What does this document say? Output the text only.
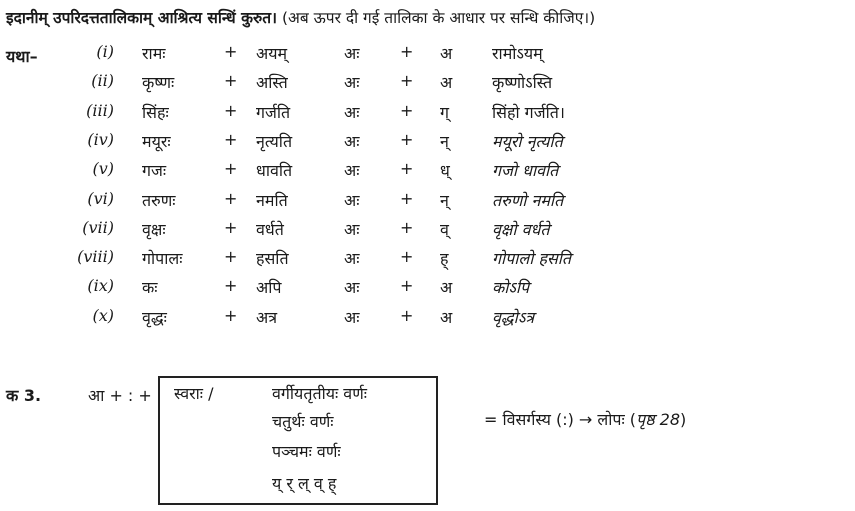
इदानीम् उपरिदत्ततालिकाम् आश्रित्य सन्धिं कुरुत। (अब ऊपर दी गई तालिका के आधार पर सन्धि कीजिए।)
यथा–	(i) रामः	+ अयम्	अः	+ अ रामोऽयम्
(ii) कृष्णः	+ अस्ति	अः	+ अ कृष्णोऽस्ति
(iii) सिंहः	+ गर्जति	अः	+ ग्	सिंहो गर्जति।
(iv) मयूरः	+ नृत्यति	अः	+ न्	मयूरो नृत्यति
(v) गजः	+ धावति	अः	+ ध्	गजो धावति
(vi) तरुणः	+ नमति	अः	+ न्	तरुणो नमति
(vii) वृक्षः	+ वर्धते	अः	+ व्	वृक्षो वर्धते
(viii) गोपालः	+ हसति	अः	+ ह्	गोपालो हसति
(ix) कः	+ अपि	अः	+ अ कोऽपि
(x) वृद्धः	+ अत्र	अः	+ अ वृद्धोऽत्र
क 3.	आ + : + स्वराः /	वर्गीयतृतीयः वर्णः
चतुर्थः वर्णः
पञ्चमः वर्णः
य् र् ल् व् ह्
= विसर्गस्य (:) → लोपः (पृष्ठ 28)
